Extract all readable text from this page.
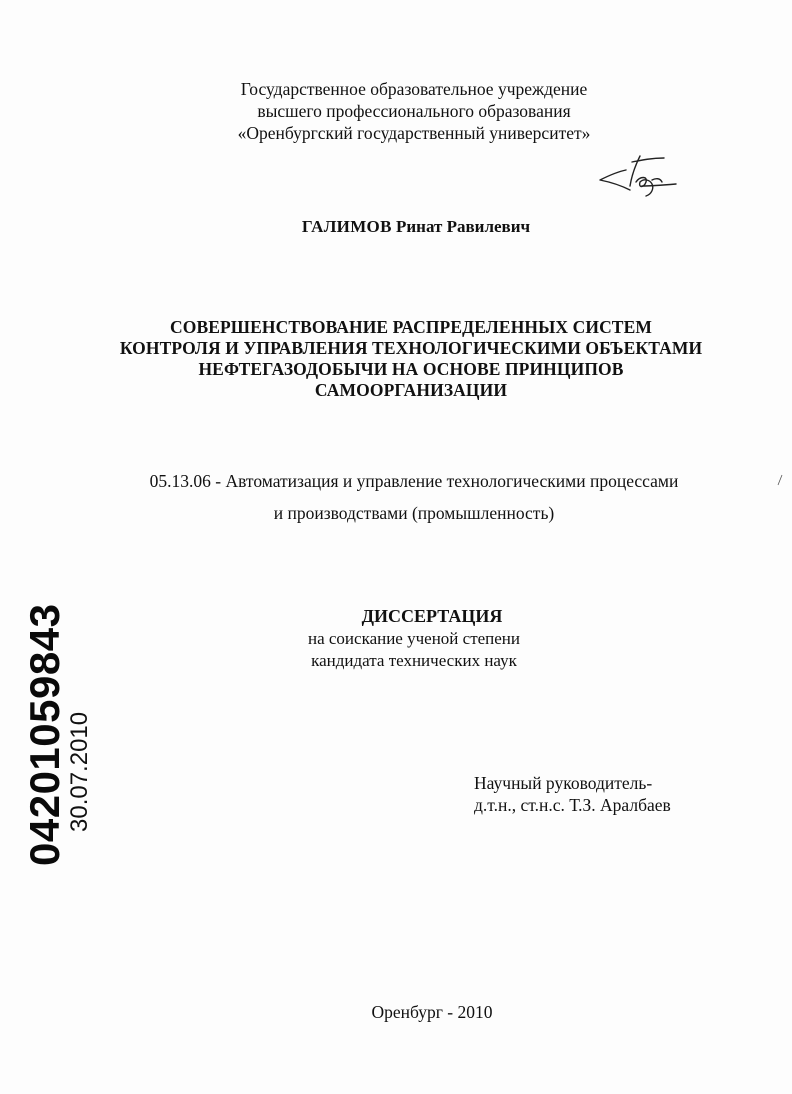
Государственное образовательное учреждение
высшего профессионального образования
«Оренбургский государственный университет»
ГАЛИМОВ Ринат Равилевич
СОВЕРШЕНСТВОВАНИЕ РАСПРЕДЕЛЕННЫХ СИСТЕМ
КОНТРОЛЯ И УПРАВЛЕНИЯ ТЕХНОЛОГИЧЕСКИМИ ОБЪЕКТАМИ
НЕФТЕГАЗОДОБЫЧИ НА ОСНОВЕ ПРИНЦИПОВ
САМООРГАНИЗАЦИИ
05.13.06 - Автоматизация и управление технологическими процессами
и производствами (промышленность)
ДИССЕРТАЦИЯ
на соискание ученой степени
кандидата технических наук
Научный руководитель-
д.т.н., ст.н.с. Т.З. Аралбаев
04201059843
30.07.2010
Оренбург - 2010
